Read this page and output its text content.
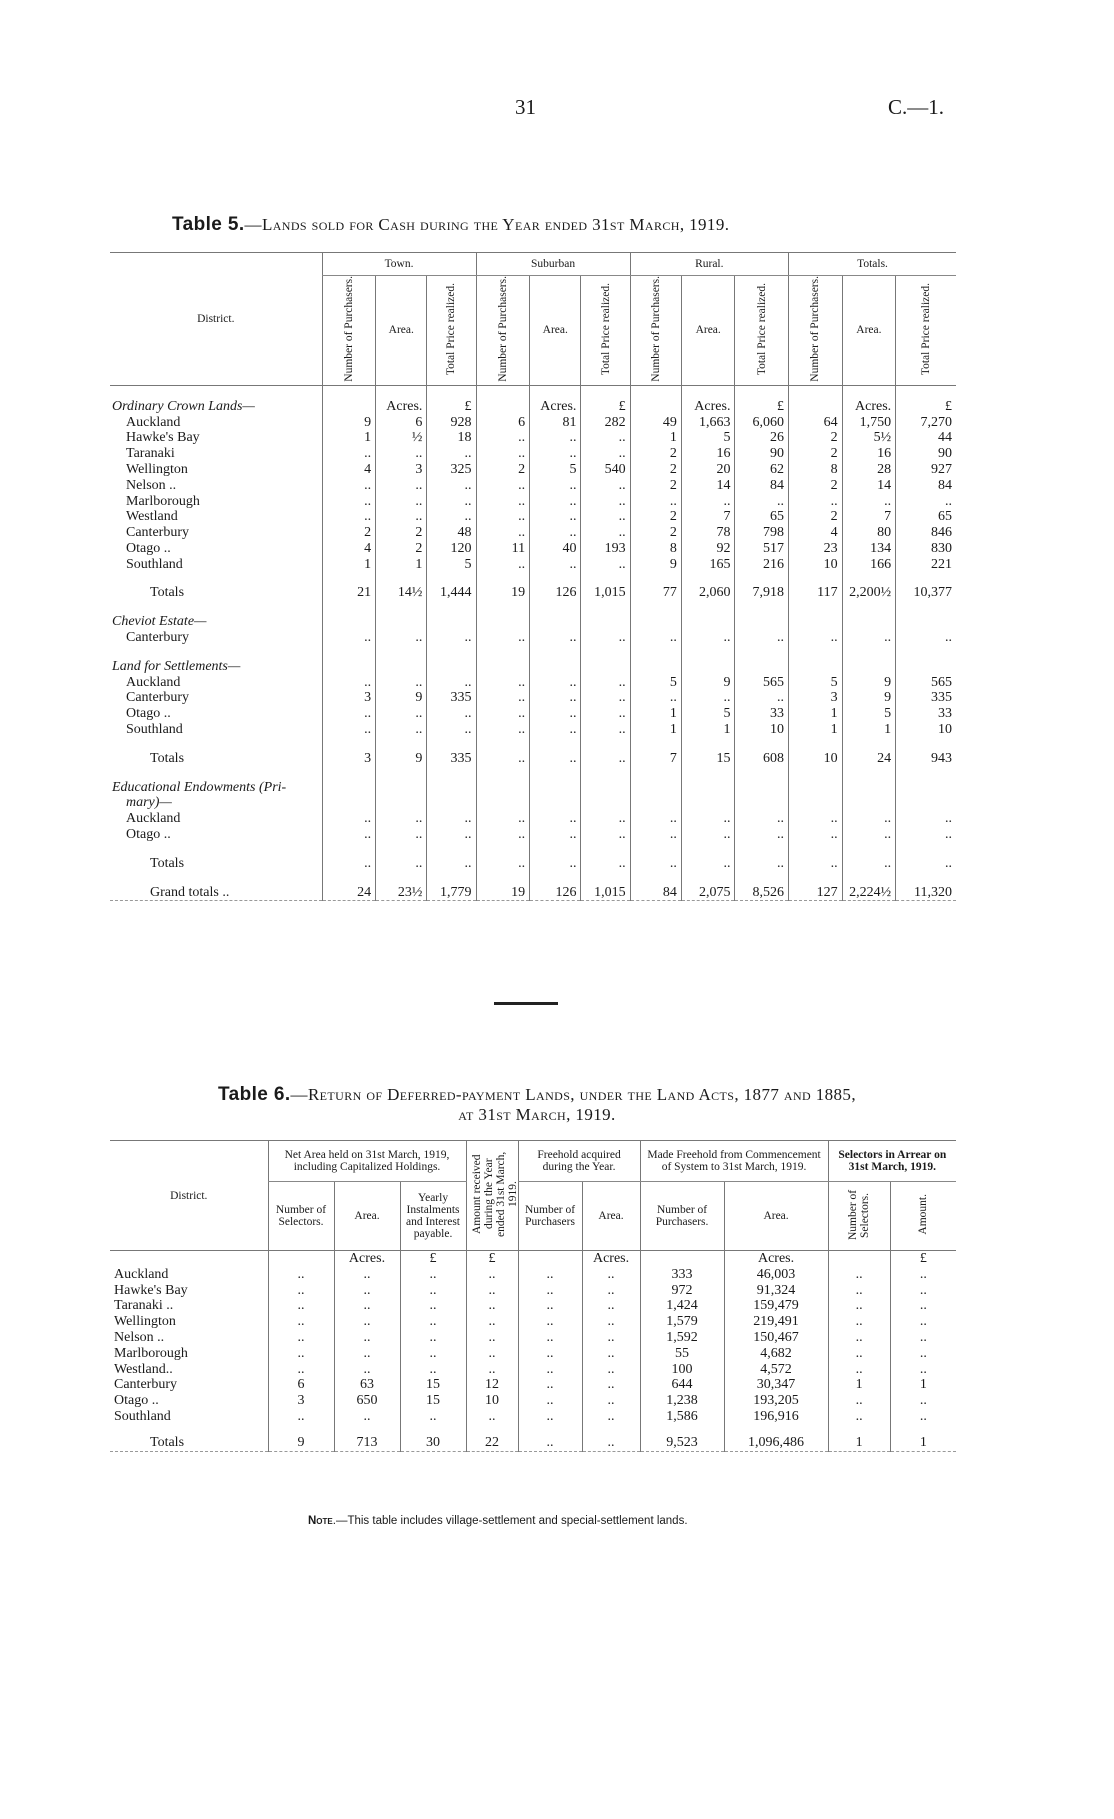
31	C.—1.
Table 5.—Lands sold for Cash during the Year ended 31st March, 1919.
District.	Town.			Suburban			Rural.			Totals.		
	Number of Purchasers.	Area.	Total Price realized.	Number of Purchasers.	Area.	Total Price realized.	Number of Purchasers.	Area.	Total Price realized.	Number of Purchasers.	Area.	Total Price realized.

Ordinary Crown Lands—		Acres.	£		Acres.	£		Acres.	£		Acres.	£
Auckland	9	6	928	6	81	282	49	1,663	6,060	64	1,750	7,270
Hawke's Bay	1	½	18	..	..	..	1	5	26	2	5½	44
Taranaki	..	..	..	..	..	..	2	16	90	2	16	90
Wellington	4	3	325	2	5	540	2	20	62	8	28	927
Nelson ..	..	..	..	..	..	..	2	14	84	2	14	84
Marlborough	..	..	..	..	..	..	..	..	..	..	..	..
Westland	..	..	..	..	..	..	2	7	65	2	7	65
Canterbury	2	2	48	..	..	..	2	78	798	4	80	846
Otago ..	4	2	120	11	40	193	8	92	517	23	134	830
Southland	1	1	5	..	..	..	9	165	216	10	166	221

Totals	21	14½	1,444	19	126	1,015	77	2,060	7,918	117	2,200½	10,377

Cheviot Estate—												
Canterbury	..	..	..	..	..	..	..	..	..	..	..	..

Land for Settlements—												
Auckland	..	..	..	..	..	..	5	9	565	5	9	565
Canterbury	3	9	335	..	..	..	..	..	..	3	9	335
Otago ..	..	..	..	..	..	..	1	5	33	1	5	33
Southland	..	..	..	..	..	..	1	1	10	1	1	10

Totals	3	9	335	..	..	..	7	15	608	10	24	943

Educational Endowments (Pri-												
mary)—												
Auckland	..	..	..	..	..	..	..	..	..	..	..	..
Otago ..	..	..	..	..	..	..	..	..	..	..	..	..

Totals	..	..	..	..	..	..	..	..	..	..	..	..

Grand totals ..	24	23½	1,779	19	126	1,015	84	2,075	8,526	127	2,224½	11,320
Table 6.—Return of Deferred-payment Lands, under the Land Acts, 1877 and 1885,
at 31st March, 1919.
District.	Net Area held on 31st March, 1919, including Capitalized Holdings.			Amount received during the Year ended 31st March, 1919.	Freehold acquired during the Year.		Made Freehold from Commencement of System to 31st March, 1919.		Selectors in Arrear on 31st March, 1919.	
	Number of Selectors.	Area.	Yearly Instalments and Interest payable.		Number of Purchasers	Area.	Number of Purchasers.	Area.	Number of Selectors.	Amount.
		Acres.	£	£		Acres.		Acres.		£
Auckland	..	..	..	..	..	..	333	46,003	..	..
Hawke's Bay	..	..	..	..	..	..	972	91,324	..	..
Taranaki ..	..	..	..	..	..	..	1,424	159,479	..	..
Wellington	..	..	..	..	..	..	1,579	219,491	..	..
Nelson ..	..	..	..	..	..	..	1,592	150,467	..	..
Marlborough	..	..	..	..	..	..	55	4,682	..	..
Westland..	..	..	..	..	..	..	100	4,572	..	..
Canterbury	6	63	15	12	..	..	644	30,347	1	1
Otago ..	3	650	15	10	..	..	1,238	193,205	..	..
Southland	..	..	..	..	..	..	1,586	196,916	..	..

Totals	9	713	30	22	..	..	9,523	1,096,486	1	1
Note.—This table includes village-settlement and special-settlement lands.
